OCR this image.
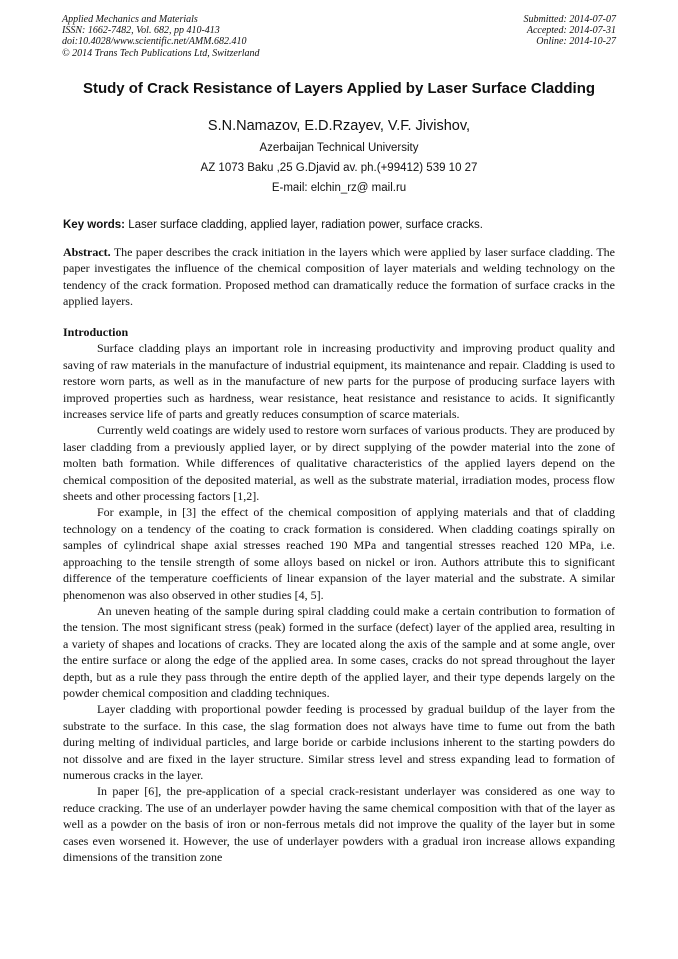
Applied Mechanics and Materials
ISSN: 1662-7482, Vol. 682, pp 410-413
doi:10.4028/www.scientific.net/AMM.682.410
© 2014 Trans Tech Publications Ltd, Switzerland
Submitted: 2014-07-07
Accepted: 2014-07-31
Online: 2014-10-27
Study of Crack Resistance of Layers Applied by Laser Surface Cladding
S.N.Namazov, E.D.Rzayev, V.F. Jivishov,
Azerbaijan Technical University
AZ 1073 Baku ,25 G.Djavid av. ph.(+99412) 539 10 27
E-mail: elchin_rz@ mail.ru
Key words: Laser surface cladding, applied layer, radiation power, surface cracks.

Abstract. The paper describes the crack initiation in the layers which were applied by laser surface cladding. The paper investigates the influence of the chemical composition of layer materials and welding technology on the tendency of the crack formation. Proposed method can dramatically reduce the formation of surface cracks in the applied layers.

Introduction

Surface cladding plays an important role in increasing productivity and improving product quality and saving of raw materials in the manufacture of industrial equipment, its maintenance and repair. Cladding is used to restore worn parts, as well as in the manufacture of new parts for the purpose of producing surface layers with improved properties such as hardness, wear resistance, heat resistance and resistance to acids. It significantly increases service life of parts and greatly reduces consumption of scarce materials.

Currently weld coatings are widely used to restore worn surfaces of various products. They are produced by laser cladding from a previously applied layer, or by direct supplying of the powder material into the zone of molten bath formation. While differences of qualitative characteristics of the applied layers depend on the chemical composition of the deposited material, as well as the substrate material, irradiation modes, process flow sheets and other processing factors [1,2].

For example, in [3] the effect of the chemical composition of applying materials and that of cladding technology on a tendency of the coating to crack formation is considered. When cladding coatings spirally on samples of cylindrical shape axial stresses reached 190 MPa and tangential stresses reached 120 MPa, i.e. approaching to the tensile strength of some alloys based on nickel or iron. Authors attribute this to significant difference of the temperature coefficients of linear expansion of the layer material and the substrate. A similar phenomenon was also observed in other studies [4, 5].

An uneven heating of the sample during spiral cladding could make a certain contribution to formation of the tension. The most significant stress (peak) formed in the surface (defect) layer of the applied area, resulting in a variety of shapes and locations of cracks. They are located along the axis of the sample and at some angle, over the entire surface or along the edge of the applied area. In some cases, cracks do not spread throughout the layer depth, but as a rule they pass through the entire depth of the applied layer, and their type depends largely on the powder chemical composition and cladding techniques.

Layer cladding with proportional powder feeding is processed by gradual buildup of the layer from the substrate to the surface. In this case, the slag formation does not always have time to fume out from the bath during melting of individual particles, and large boride or carbide inclusions inherent to the starting powders do not dissolve and are fixed in the layer structure. Similar stress level and stress expanding lead to formation of numerous cracks in the layer.

In paper [6], the pre-application of a special crack-resistant underlayer was considered as one way to reduce cracking. The use of an underlayer powder having the same chemical composition with that of the layer as well as a powder on the basis of iron or non-ferrous metals did not improve the quality of the layer but in some cases even worsened it. However, the use of underlayer powders with a gradual iron increase allows expanding dimensions of the transition zone
